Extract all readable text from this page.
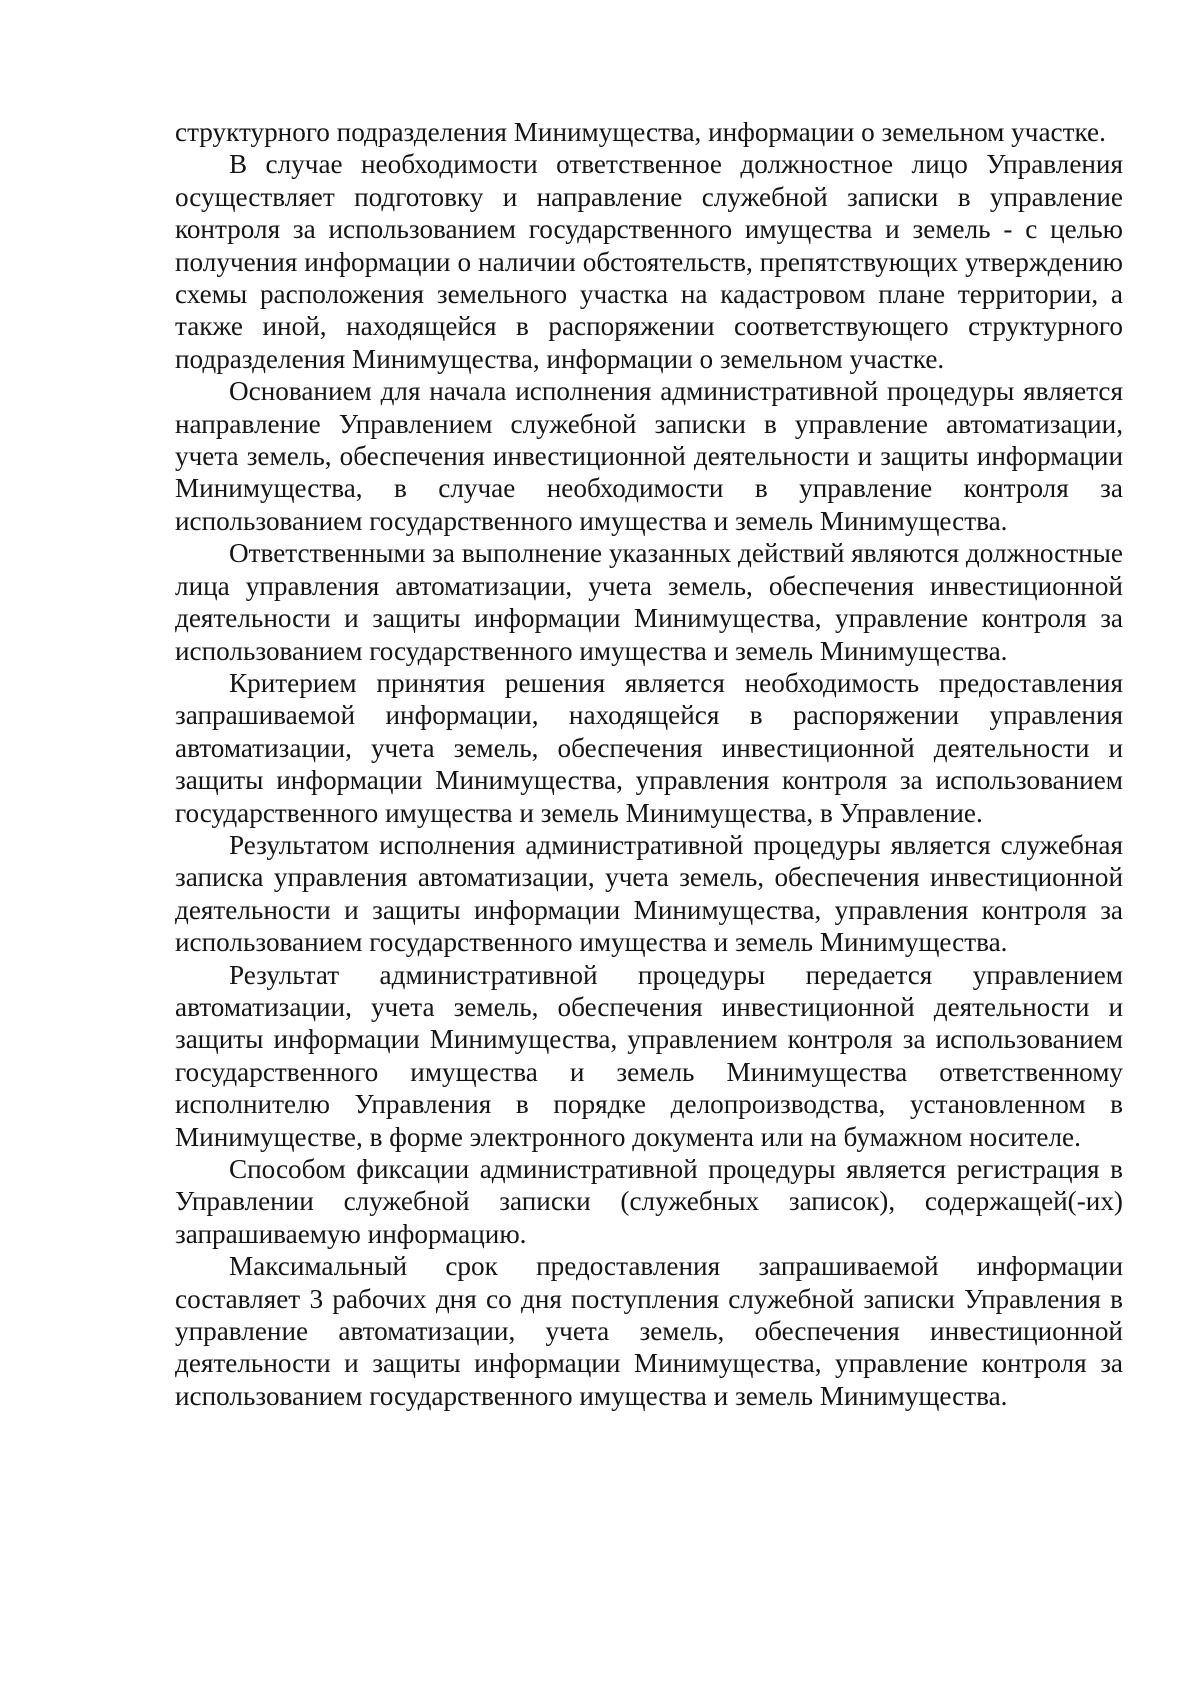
структурного подразделения Минимущества, информации о земельном участке.

В случае необходимости ответственное должностное лицо Управления осуществляет подготовку и направление служебной записки в управление контроля за использованием государственного имущества и земель - с целью получения информации о наличии обстоятельств, препятствующих утверждению схемы расположения земельного участка на кадастровом плане территории, а также иной, находящейся в распоряжении соответствующего структурного подразделения Минимущества, информации о земельном участке.

Основанием для начала исполнения административной процедуры является направление Управлением служебной записки в управление автоматизации, учета земель, обеспечения инвестиционной деятельности и защиты информации Минимущества, в случае необходимости в управление контроля за использованием государственного имущества и земель Минимущества.

Ответственными за выполнение указанных действий являются должностные лица управления автоматизации, учета земель, обеспечения инвестиционной деятельности и защиты информации Минимущества, управление контроля за использованием государственного имущества и земель Минимущества.

Критерием принятия решения является необходимость предоставления запрашиваемой информации, находящейся в распоряжении управления автоматизации, учета земель, обеспечения инвестиционной деятельности и защиты информации Минимущества, управления контроля за использованием государственного имущества и земель Минимущества, в Управление.

Результатом исполнения административной процедуры является служебная записка управления автоматизации, учета земель, обеспечения инвестиционной деятельности и защиты информации Минимущества, управления контроля за использованием государственного имущества и земель Минимущества.

Результат административной процедуры передается управлением автоматизации, учета земель, обеспечения инвестиционной деятельности и защиты информации Минимущества, управлением контроля за использованием государственного имущества и земель Минимущества ответственному исполнителю Управления в порядке делопроизводства, установленном в Минимуществе, в форме электронного документа или на бумажном носителе.

Способом фиксации административной процедуры является регистрация в Управлении служебной записки (служебных записок), содержащей(-их) запрашиваемую информацию.

Максимальный срок предоставления запрашиваемой информации составляет 3 рабочих дня со дня поступления служебной записки Управления в управление автоматизации, учета земель, обеспечения инвестиционной деятельности и защиты информации Минимущества, управление контроля за использованием государственного имущества и земель Минимущества.
